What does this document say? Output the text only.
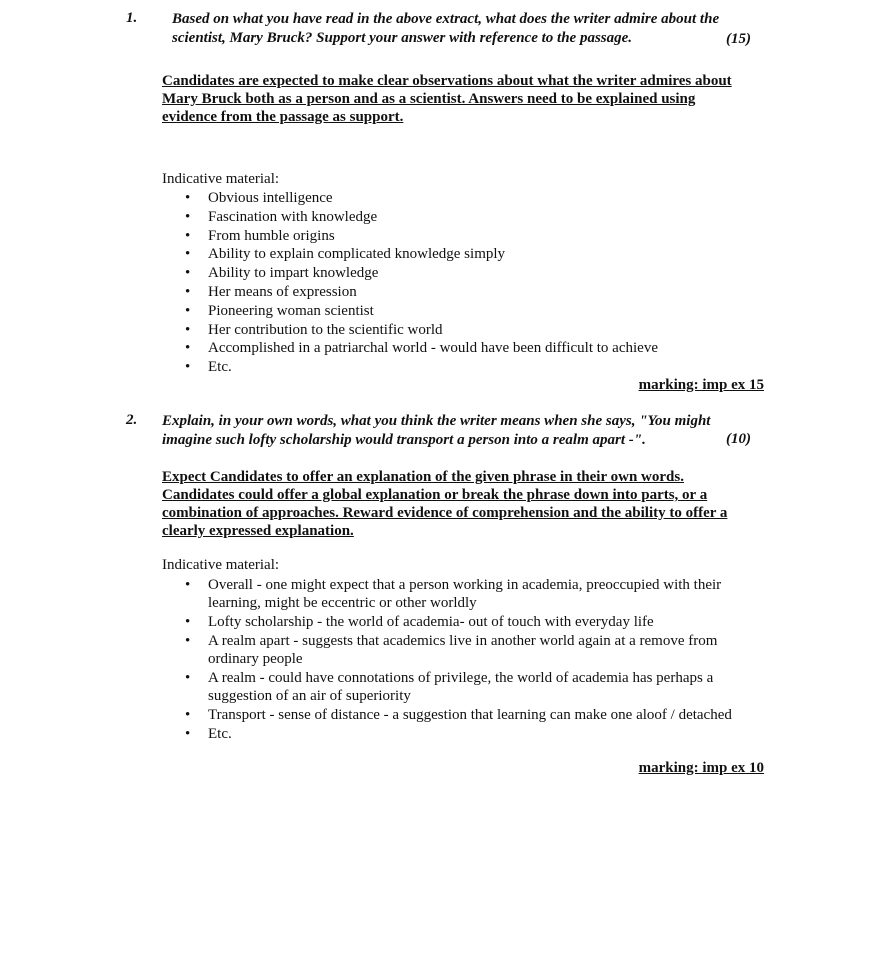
1. Based on what you have read in the above extract, what does the writer admire about the
scientist, Mary Bruck? Support your answer with reference to the passage.	(15)
Candidates are expected to make clear observations about what the writer admires about
Mary Bruck both as a person and as a scientist. Answers need to be explained using
evidence from the passage as support.
Indicative material:
• Obvious intelligence
• Fascination with knowledge
• From humble origins
• Ability to explain complicated knowledge simply
• Ability to impart knowledge
• Her means of expression
• Pioneering woman scientist
• Her contribution to the scientific world
• Accomplished in a patriarchal world - would have been difficult to achieve
• Etc.
marking: imp ex 15
2. Explain, in your own words, what you think the writer means when she says, "You might
imagine such lofty scholarship would transport a person into a realm apart -".	(10)
Expect Candidates to offer an explanation of the given phrase in their own words.
Candidates could offer a global explanation or break the phrase down into parts, or a
combination of approaches. Reward evidence of comprehension and the ability to offer a
clearly expressed explanation.
Indicative material:
• Overall - one might expect that a person working in academia, preoccupied with their
learning, might be eccentric or other worldly
• Lofty scholarship - the world of academia- out of touch with everyday life
• A realm apart - suggests that academics live in another world again at a remove from
ordinary people
• A realm - could have connotations of privilege, the world of academia has perhaps a
suggestion of an air of superiority
• Transport - sense of distance - a suggestion that learning can make one aloof / detached
• Etc.
marking: imp ex 10
